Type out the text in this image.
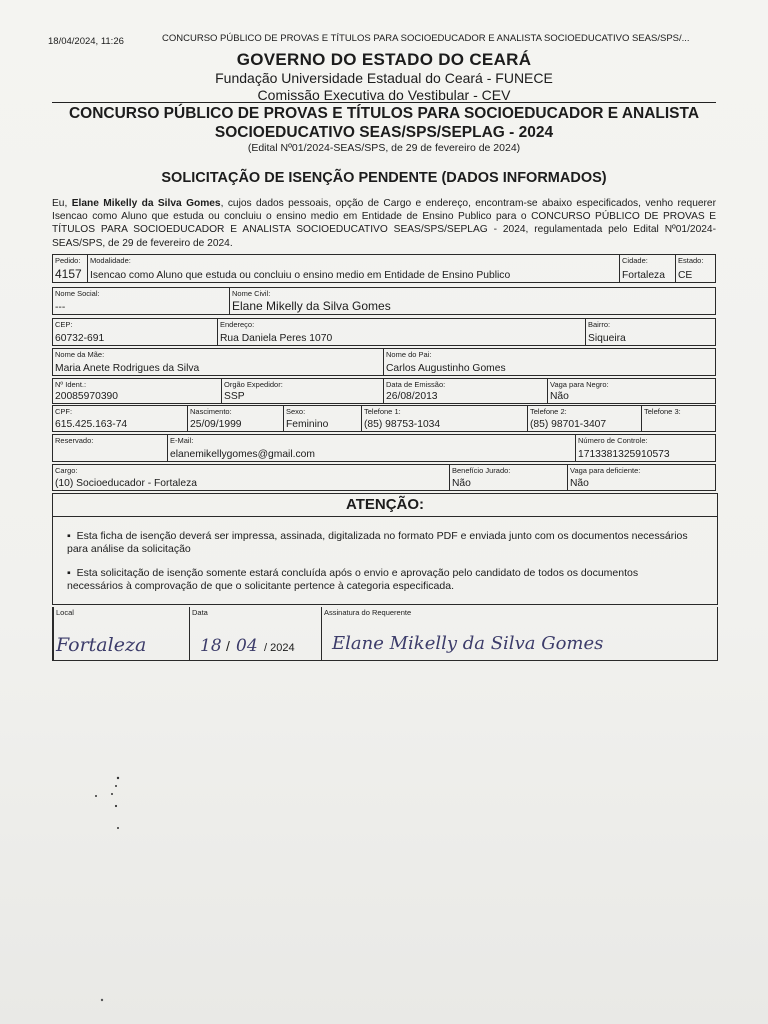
18/04/2024, 11:26	CONCURSO PÚBLICO DE PROVAS E TÍTULOS PARA SOCIOEDUCADOR E ANALISTA SOCIOEDUCATIVO SEAS/SPS/...
GOVERNO DO ESTADO DO CEARÁ
Fundação Universidade Estadual do Ceará - FUNECE
Comissão Executiva do Vestibular - CEV
CONCURSO PÚBLICO DE PROVAS E TÍTULOS PARA SOCIOEDUCADOR E ANALISTA SOCIOEDUCATIVO SEAS/SPS/SEPLAG - 2024
(Edital Nº01/2024-SEAS/SPS, de 29 de fevereiro de 2024)
SOLICITAÇÃO DE ISENÇÃO PENDENTE (DADOS INFORMADOS)
Eu, Elane Mikelly da Silva Gomes, cujos dados pessoais, opção de Cargo e endereço, encontram-se abaixo especificados, venho requerer Isencao como Aluno que estuda ou concluiu o ensino medio em Entidade de Ensino Publico para o CONCURSO PÚBLICO DE PROVAS E TÍTULOS PARA SOCIOEDUCADOR E ANALISTA SOCIOEDUCATIVO SEAS/SPS/SEPLAG - 2024, regulamentada pelo Edital Nº01/2024-SEAS/SPS, de 29 de fevereiro de 2024.
Pedido:
4157
Modalidade:
Isencao como Aluno que estuda ou concluiu o ensino medio em Entidade de Ensino Publico
Cidade:
Fortaleza
Estado:
CE
Nome Social:
---
Nome Civil:
Elane Mikelly da Silva Gomes
CEP:
60732-691
Endereço:
Rua Daniela Peres 1070
Bairro:
Siqueira
Nome da Mãe:
Maria Anete Rodrigues da Silva
Nome do Pai:
Carlos Augustinho Gomes
Nº Ident.:
20085970390
Orgão Expedidor:
SSP
Data de Emissão:
26/08/2013
Vaga para Negro:
Não
CPF:
615.425.163-74
Nascimento:
25/09/1999
Sexo:
Feminino
Telefone 1:
(85) 98753-1034
Telefone 2:
(85) 98701-3407
Telefone 3:
Reservado:	E-Mail:
elanemikellygomes@gmail.com
Número de Controle:
1713381325910573
Cargo:
(10) Socioeducador - Fortaleza
Benefício Jurado:
Não
Vaga para deficiente:
Não
ATENÇÃO:
▪  Esta ficha de isenção deverá ser impressa, assinada, digitalizada no formato PDF e enviada junto com os documentos necessários para análise da solicitação
▪  Esta solicitação de isenção somente estará concluída após o envio e aprovação pelo candidato de todos os documentos necessários à comprovação de que o solicitante pertence à categoria especificada.
Local	Data	Assinatura do Requerente
Fortaleza	18 / 04 / 2024 Elane Mikelly da Silva Gomes
